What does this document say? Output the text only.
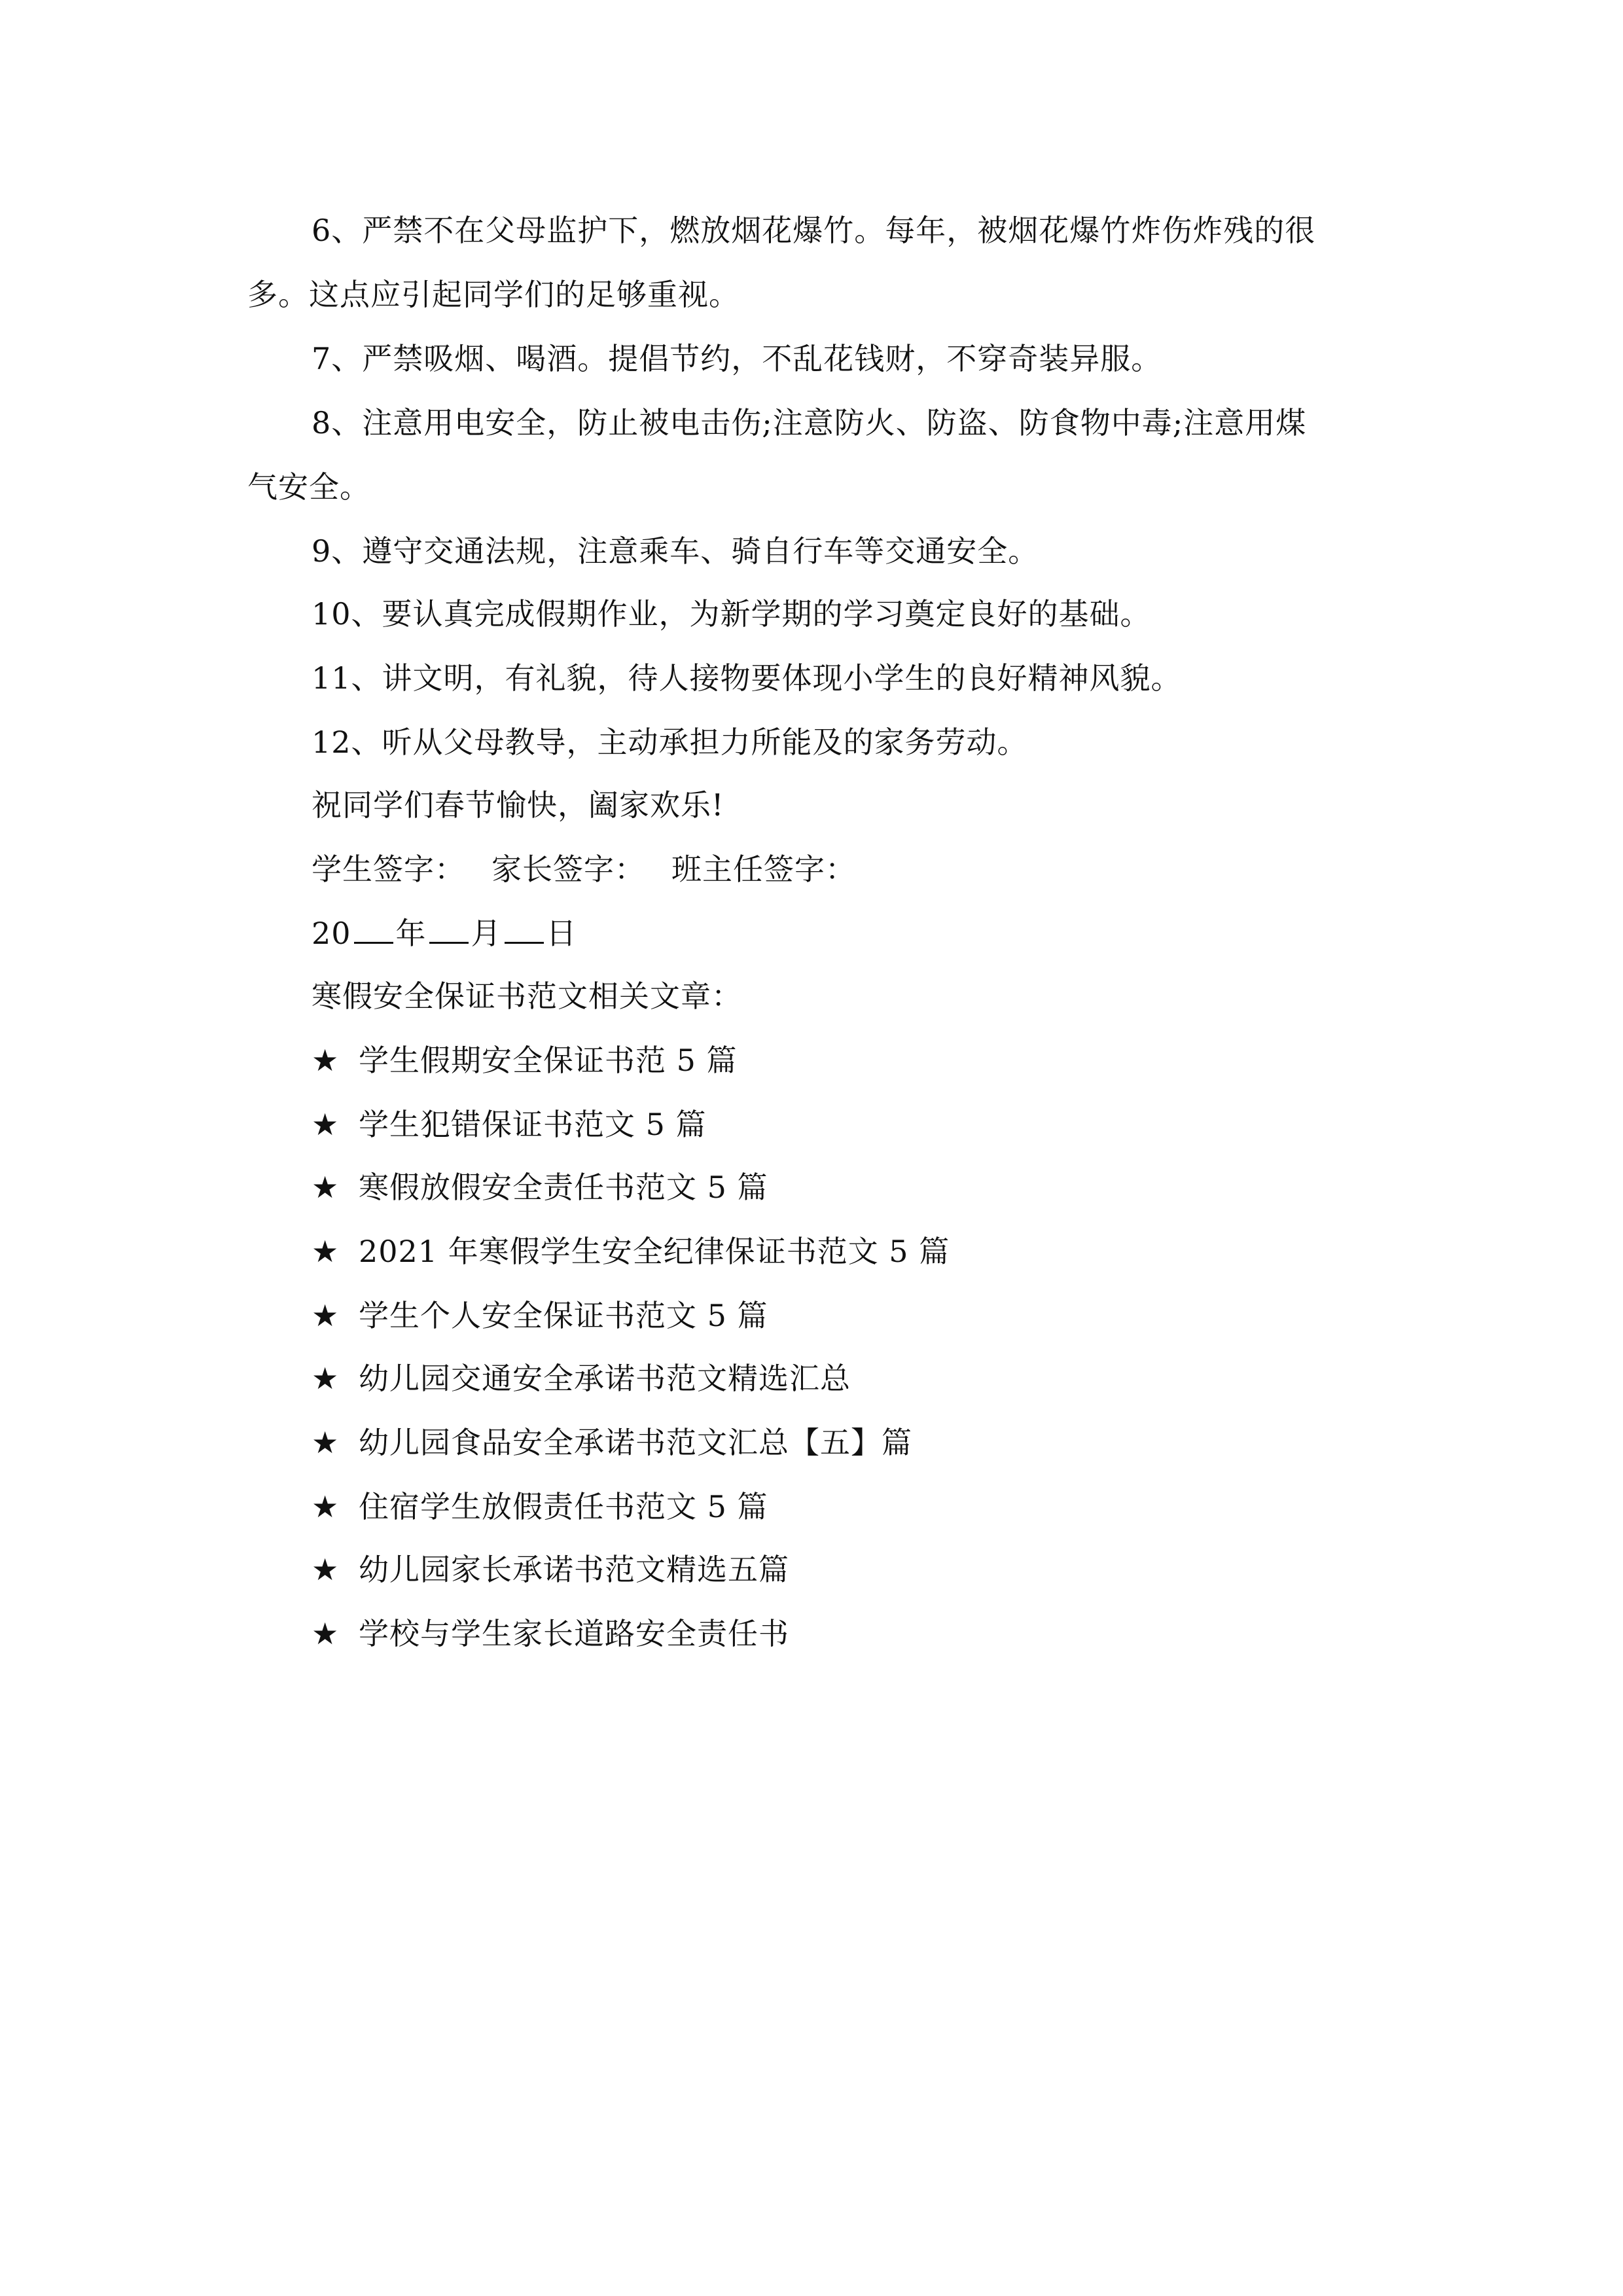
6、严禁不在父母监护下，燃放烟花爆竹。每年，被烟花爆竹炸伤炸残的很
多。这点应引起同学们的足够重视。
7、严禁吸烟、喝酒。提倡节约，不乱花钱财，不穿奇装异服。
8、注意用电安全，防止被电击伤;注意防火、防盗、防食物中毒;注意用煤
气安全。
9、遵守交通法规，注意乘车、骑自行车等交通安全。
10、要认真完成假期作业，为新学期的学习奠定良好的基础。
11、讲文明，有礼貌，待人接物要体现小学生的良好精神风貌。
12、听从父母教导，主动承担力所能及的家务劳动。
祝同学们春节愉快，阖家欢乐!
学生签字： 家长签字： 班主任签字：
20 年 月 日
寒假安全保证书范文相关文章：
★ 学生假期安全保证书范 5 篇
★ 学生犯错保证书范文 5 篇
★ 寒假放假安全责任书范文 5 篇
★ 2021 年寒假学生安全纪律保证书范文 5 篇
★ 学生个人安全保证书范文 5 篇
★ 幼儿园交通安全承诺书范文精选汇总
★ 幼儿园食品安全承诺书范文汇总【五】篇
★ 住宿学生放假责任书范文 5 篇
★ 幼儿园家长承诺书范文精选五篇
★ 学校与学生家长道路安全责任书
